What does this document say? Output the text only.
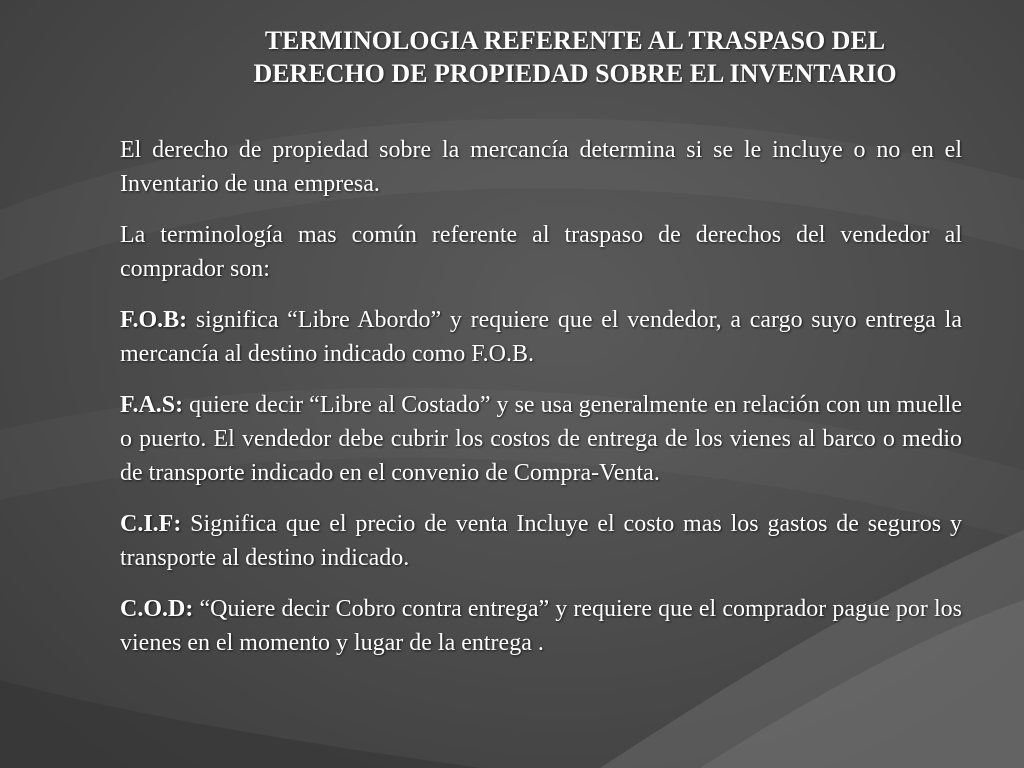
TERMINOLOGIA REFERENTE AL TRASPASO DEL
DERECHO DE PROPIEDAD SOBRE EL INVENTARIO

El derecho de propiedad sobre la mercancía determina si se le incluye o no en el Inventario de una empresa.

La terminología mas común referente al traspaso de derechos del vendedor al comprador son:

F.O.B: significa “Libre Abordo” y requiere que el vendedor, a cargo suyo entrega la mercancía al destino indicado como F.O.B.

F.A.S: quiere decir “Libre al Costado” y se usa generalmente en relación con un muelle o puerto. El vendedor debe cubrir los costos de entrega de los vienes al barco o medio de transporte indicado en el convenio de Compra-Venta.

C.I.F: Significa que el precio de venta Incluye el costo mas los gastos de seguros y transporte al destino indicado.

C.O.D: “Quiere decir Cobro contra entrega” y requiere que el comprador pague por los vienes en el momento y lugar de la entrega .
